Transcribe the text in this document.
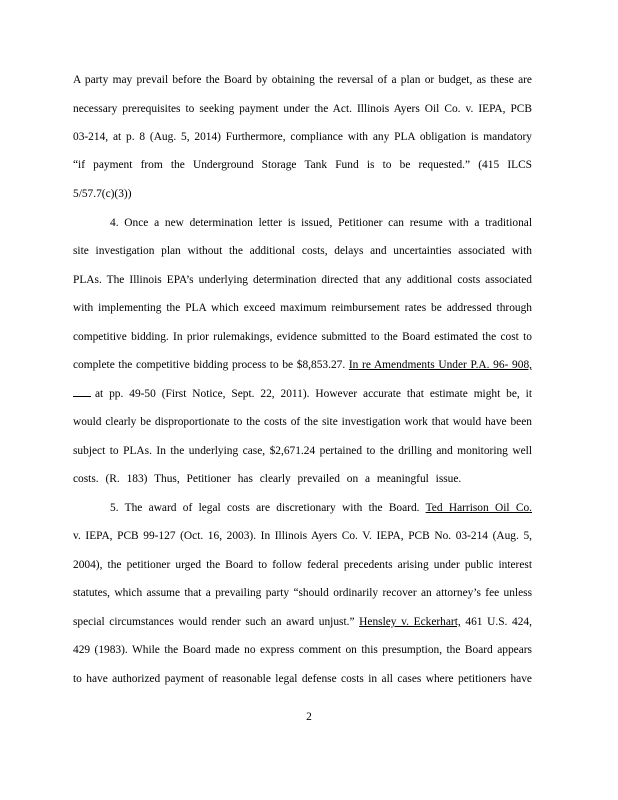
A party may prevail before the Board by obtaining the reversal of a plan or budget, as these are
necessary prerequisites to seeking payment under the Act. Illinois Ayers Oil Co. v. IEPA, PCB
03-214, at p. 8 (Aug. 5, 2014) Furthermore, compliance with any PLA obligation is mandatory
“if payment from the Underground Storage Tank Fund is to be requested.” (415 ILCS
5/57.7(c)(3))
4. Once a new determination letter is issued, Petitioner can resume with a traditional
site investigation plan without the additional costs, delays and uncertainties associated with
PLAs. The Illinois EPA’s underlying determination directed that any additional costs associated
with implementing the PLA which exceed maximum reimbursement rates be addressed through
competitive bidding. In prior rulemakings, evidence submitted to the Board estimated the cost to
complete the competitive bidding process to be $8,853.27. In re Amendments Under P.A. 96- 908,
at pp. 49-50 (First Notice, Sept. 22, 2011). However accurate that estimate might be, it
would clearly be disproportionate to the costs of the site investigation work that would have been
subject to PLAs. In the underlying case, $2,671.24 pertained to the drilling and monitoring well
costs. (R. 183) Thus, Petitioner has clearly prevailed on a meaningful issue.
5. The award of legal costs are discretionary with the Board. Ted Harrison Oil Co.
v. IEPA, PCB 99-127 (Oct. 16, 2003). In Illinois Ayers Co. V. IEPA, PCB No. 03-214 (Aug. 5,
2004), the petitioner urged the Board to follow federal precedents arising under public interest
statutes, which assume that a prevailing party “should ordinarily recover an attorney’s fee unless
special circumstances would render such an award unjust.” Hensley v. Eckerhart, 461 U.S. 424,
429 (1983). While the Board made no express comment on this presumption, the Board appears
to have authorized payment of reasonable legal defense costs in all cases where petitioners have
2
